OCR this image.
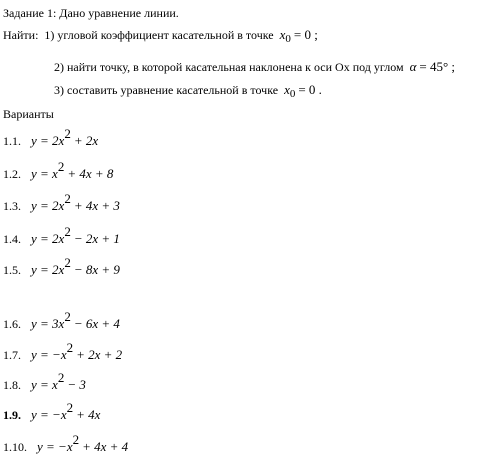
Задание 1: Дано уравнение линии.
Найти: 1) угловой коэффициент касательной в точке x0 = 0 ;
2) найти точку, в которой касательная наклонена к оси Ox под углом α = 45° ;
3) составить уравнение касательной в точке x0 = 0 .
Варианты
1.1. $y = 2x^2 + 2x$
1.2. $y = x^2 + 4x + 8$
1.3. $y = 2x^2 + 4x + 3$
1.4. $y = 2x^2 - 2x + 1$
1.5. $y = 2x^2 - 8x + 9$
1.6. $y = 3x^2 - 6x + 4$
1.7. $y = -x^2 + 2x + 2$
1.8. $y = x^2 - 3$
1.9. $y = -x^2 + 4x$
1.10. $y = -x^2 + 4x + 4$
